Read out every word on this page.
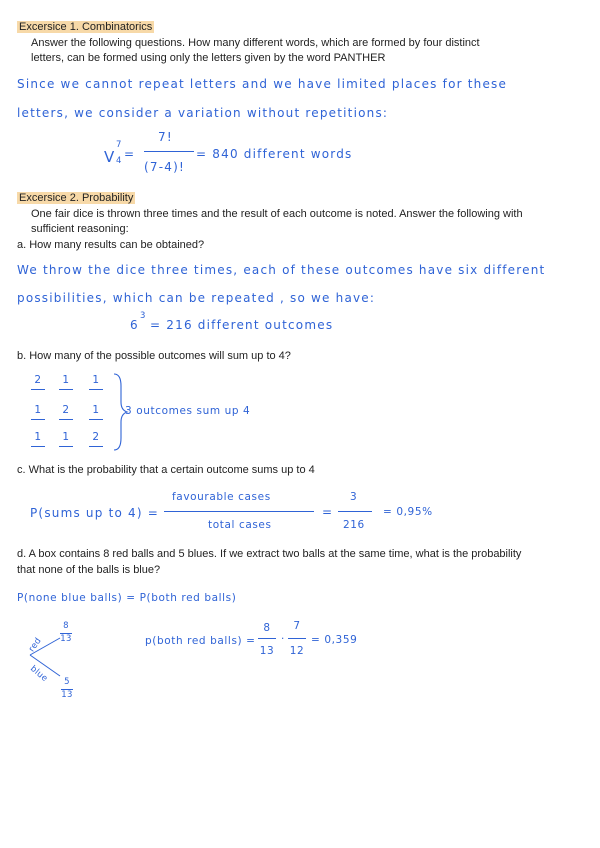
Excersice 1. Combinatorics
Answer the following questions. How many different words, which are formed by four distinct
letters, can be formed using only the letters given by the word PANTHER
Since we cannot repeat letters and we have limited places for these
letters, we consider a variation without repetitions:
V
7
4 =
7!
(7-4)!
= 840 different words
Excersice 2. Probability
One fair dice is thrown three times and the result of each outcome is noted. Answer the following with
sufficient reasoning:
a. How many results can be obtained?
We throw the dice three times, each of these outcomes have six different
possibilities, which can be repeated , so we have:
6
3
= 216 different outcomes
b. How many of the possible outcomes will sum up to 4?
2	1	1
1	2	1
1	1	2
3 outcomes sum up 4
c. What is the probability that a certain outcome sums up to 4
P(sums up to 4) =
favourable cases
total cases
=
3
216
= 0,95%
d. A box contains 8 red balls and 5 blues. If we extract two balls at the same time, what is the probability
that none of the balls is blue?
P(none blue balls) = P(both red balls)
red
blue
8
13
5
13
p(both red balls) =
8
13
·
7
12
= 0,359
